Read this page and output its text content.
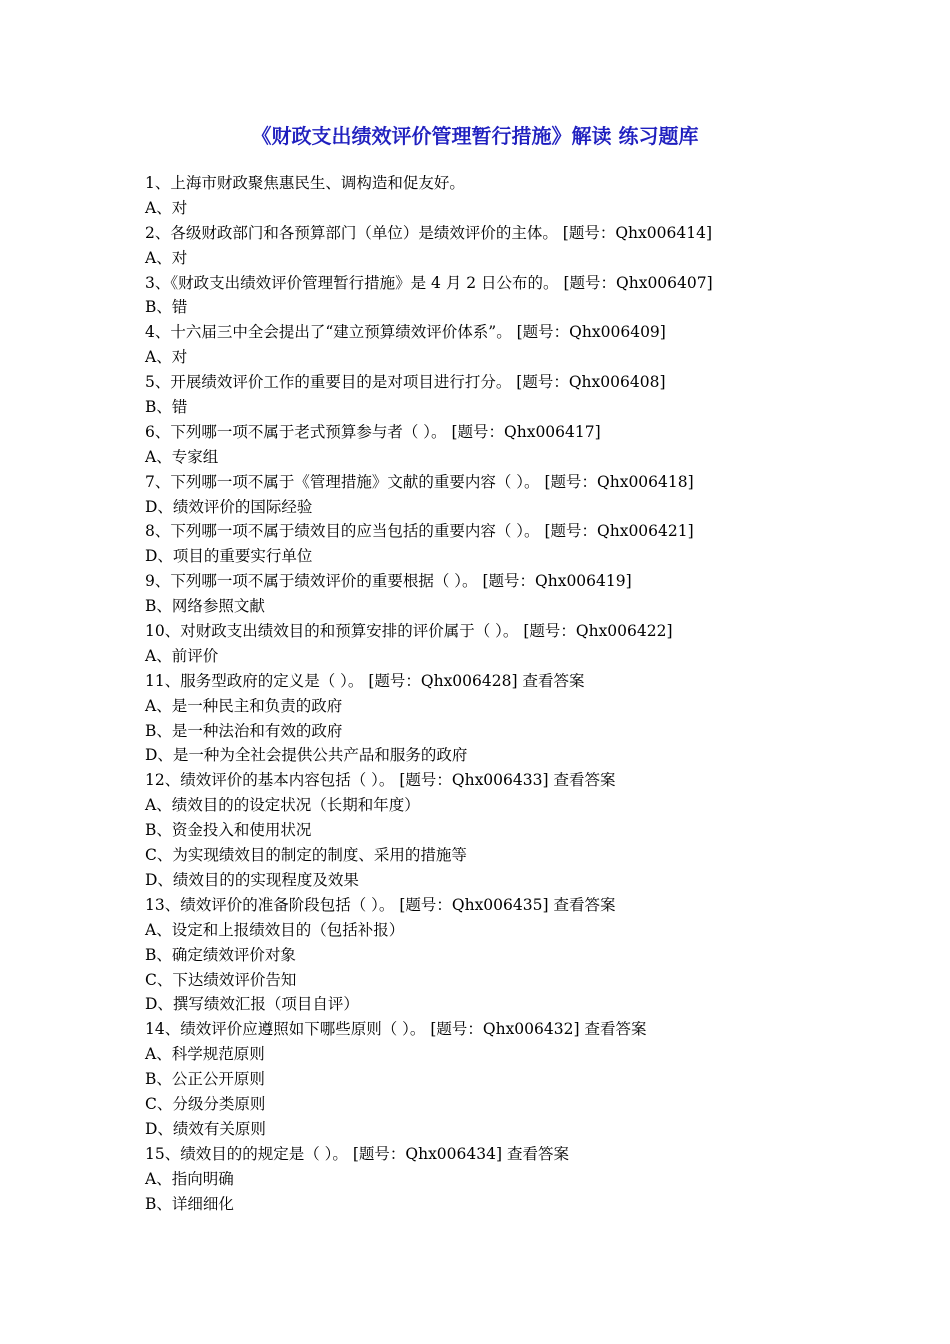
《财政支出绩效评价管理暂行措施》解读 练习题库
1、上海市财政聚焦惠民生、调构造和促友好。
A、对
2、各级财政部门和各预算部门（单位）是绩效评价的主体。 [题号：Qhx006414]
A、对
3、《财政支出绩效评价管理暂行措施》是 4 月 2 日公布的。 [题号：Qhx006407]
B、错
4、十六届三中全会提出了“建立预算绩效评价体系”。 [题号：Qhx006409]
A、对
5、开展绩效评价工作的重要目的是对项目进行打分。 [题号：Qhx006408]
B、错
6、下列哪一项不属于老式预算参与者（ ）。 [题号：Qhx006417]
A、专家组
7、下列哪一项不属于《管理措施》文献的重要内容（ ）。 [题号：Qhx006418]
D、绩效评价的国际经验
8、下列哪一项不属于绩效目的应当包括的重要内容（ ）。 [题号：Qhx006421]
D、项目的重要实行单位
9、下列哪一项不属于绩效评价的重要根据（ ）。 [题号：Qhx006419]
B、网络参照文献
10、对财政支出绩效目的和预算安排的评价属于（ ）。 [题号：Qhx006422]
A、前评价
11、服务型政府的定义是（ ）。 [题号：Qhx006428] 查看答案
A、是一种民主和负责的政府
B、是一种法治和有效的政府
D、是一种为全社会提供公共产品和服务的政府
12、绩效评价的基本内容包括（ ）。 [题号：Qhx006433] 查看答案
A、绩效目的的设定状况（长期和年度）
B、资金投入和使用状况
C、为实现绩效目的制定的制度、采用的措施等
D、绩效目的的实现程度及效果
13、绩效评价的准备阶段包括（ ）。 [题号：Qhx006435] 查看答案
A、设定和上报绩效目的（包括补报）
B、确定绩效评价对象
C、下达绩效评价告知
D、撰写绩效汇报（项目自评）
14、绩效评价应遵照如下哪些原则（ ）。 [题号：Qhx006432] 查看答案
A、科学规范原则
B、公正公开原则
C、分级分类原则
D、绩效有关原则
15、绩效目的的规定是（ ）。 [题号：Qhx006434] 查看答案
A、指向明确
B、详细细化
